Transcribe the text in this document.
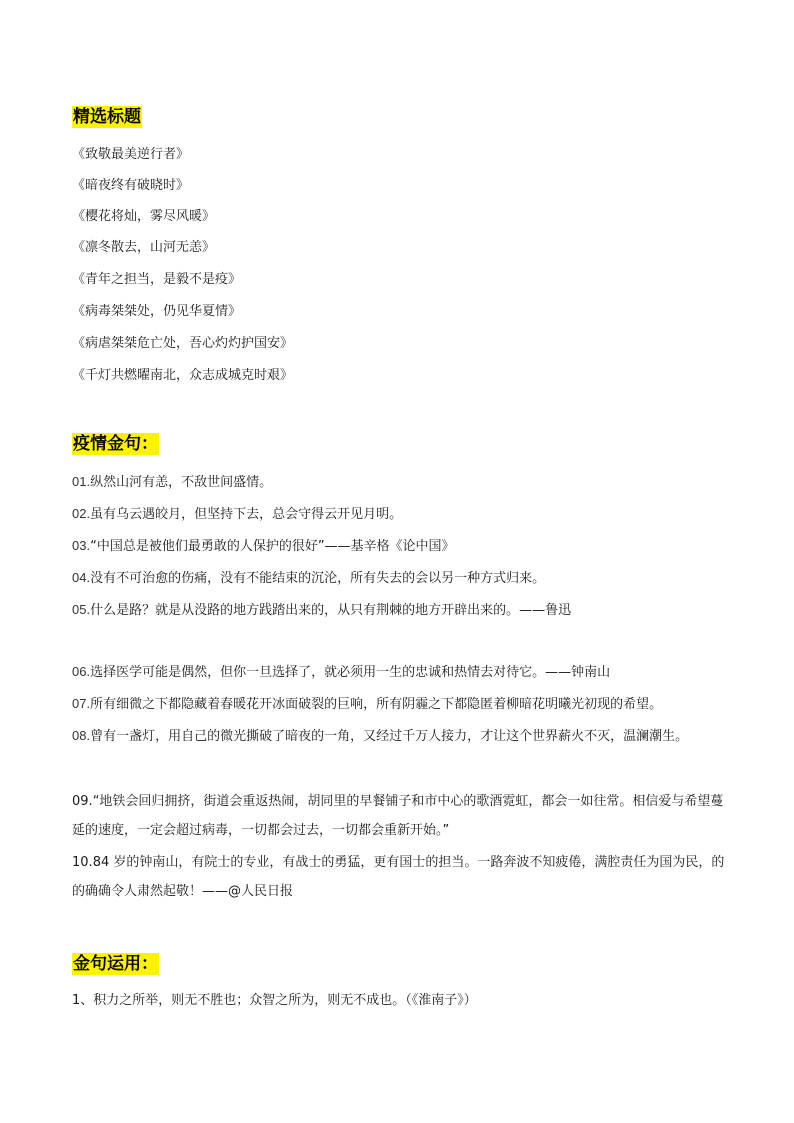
精选标题
《致敬最美逆行者》
《暗夜终有破晓时》
《樱花将灿，雾尽风暖》
《凛冬散去，山河无恙》
《青年之担当，是毅不是疫》
《病毒桀桀处，仍见华夏情》
《病虐桀桀危亡处，吾心灼灼护国安》
《千灯共燃曜南北，众志成城克时艰》
疫情金句：
01.纵然山河有恙，不敌世间盛情。
02.虽有乌云遇皎月，但坚持下去，总会守得云开见月明。
03.“中国总是被他们最勇敢的人保护的很好”——基辛格《论中国》
04.没有不可治愈的伤痛，没有不能结束的沉沦，所有失去的会以另一种方式归来。
05.什么是路？就是从没路的地方践踏出来的，从只有荆棘的地方开辟出来的。——鲁迅
06.选择医学可能是偶然，但你一旦选择了，就必须用一生的忠诚和热情去对待它。——钟南山
07.所有细微之下都隐藏着春暖花开冰面破裂的巨响，所有阴霾之下都隐匿着柳暗花明曦光初现的希望。
08.曾有一盏灯，用自己的微光撕破了暗夜的一角，又经过千万人接力，才让这个世界薪火不灭，温澜潮生。
09.“地铁会回归拥挤，街道会重返热闹，胡同里的早餐铺子和市中心的歌酒霓虹，都会一如往常。相信爱与希望蔓延的速度，一定会超过病毒，一切都会过去，一切都会重新开始。”
10.84 岁的钟南山，有院士的专业，有战士的勇猛，更有国士的担当。一路奔波不知疲倦，满腔责任为国为民，的的确确令人肃然起敬！——@人民日报
金句运用：
1、积力之所举，则无不胜也；众智之所为，则无不成也。（《淮南子》）
